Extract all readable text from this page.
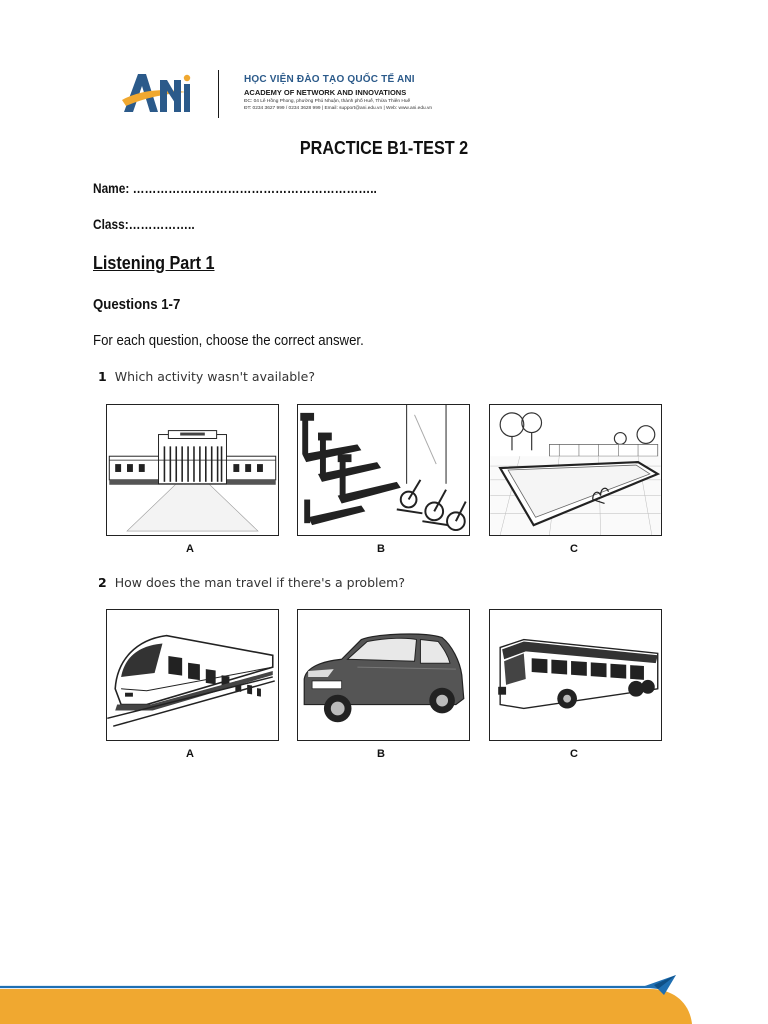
HỌC VIỆN ĐÀO TẠO QUỐC TẾ ANI
ACADEMY OF NETWORK AND INNOVATIONS
ĐC: 04 Lê Hồng Phong, phường Phú Nhuận, thành phố Huế, Thừa Thiên Huế
ĐT: 0234 3627 999 / 0234 3628 999 | Email: support@ani.edu.vn | Web: www.ani.edu.vn
PRACTICE B1-TEST 2
Name: ……………………………………………………..
Class:……………..
Listening Part 1
Questions 1-7
For each question, choose the correct answer.
1 Which activity wasn't available?
A	B	C
2 How does the man travel if there's a problem?
A	B	C
